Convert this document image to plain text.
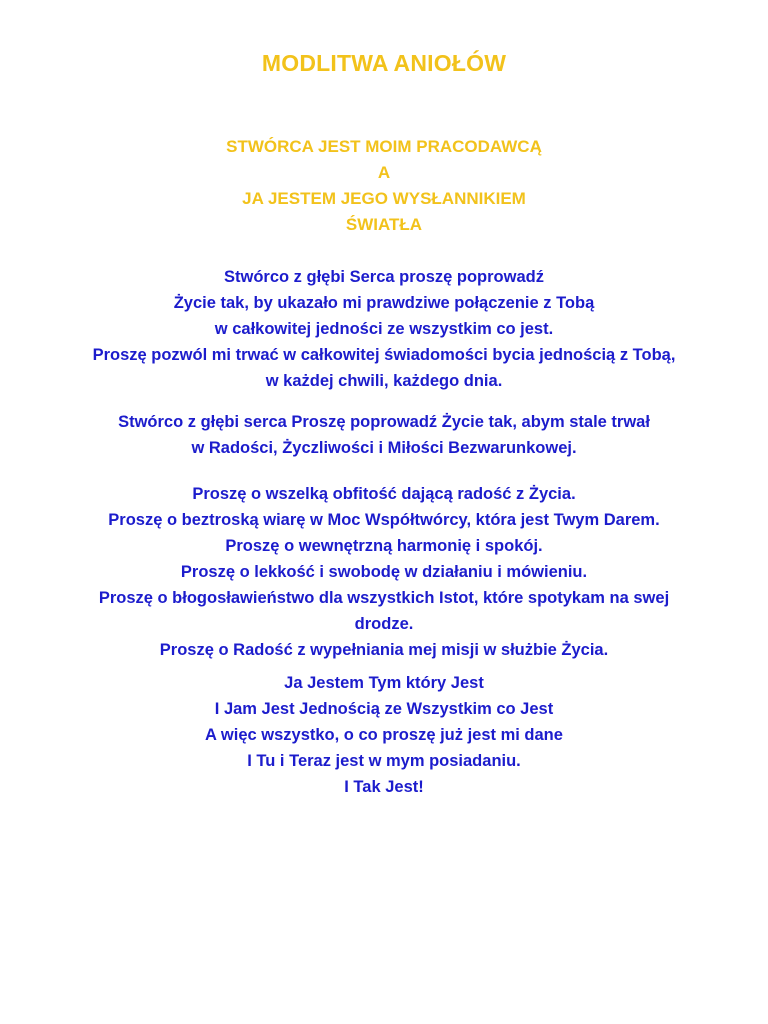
MODLITWA ANIOŁÓW
STWÓRCA JEST MOIM PRACODAWCĄ
A
JA JESTEM JEGO WYSŁANNIKIEM
ŚWIATŁA

Stwórco z głębi Serca proszę poprowadź
Życie tak, by ukazało mi prawdziwe połączenie z Tobą
w całkowitej jedności ze wszystkim co jest.
Proszę pozwól mi trwać w całkowitej świadomości bycia jednością z Tobą,
w każdej chwili, każdego dnia.

Stwórco z głębi serca Proszę poprowadź Życie tak, abym stale trwał
w Radości, Życzliwości i Miłości Bezwarunkowej.

Proszę o wszelką obfitość dającą radość z Życia.
Proszę o beztroską wiarę w Moc Współtwórcy, która jest Twym Darem.
Proszę o wewnętrzną harmonię i spokój.
Proszę o lekkość i swobodę w działaniu i mówieniu.
Proszę o błogosławieństwo dla wszystkich Istot, które spotykam na swej
drodze.
Proszę o Radość z wypełniania mej misji w służbie Życia.

Ja Jestem Tym który Jest
I Jam Jest Jednością ze Wszystkim co Jest
A więc wszystko, o co proszę już jest mi dane
I Tu i Teraz jest w mym posiadaniu.
I Tak Jest!
